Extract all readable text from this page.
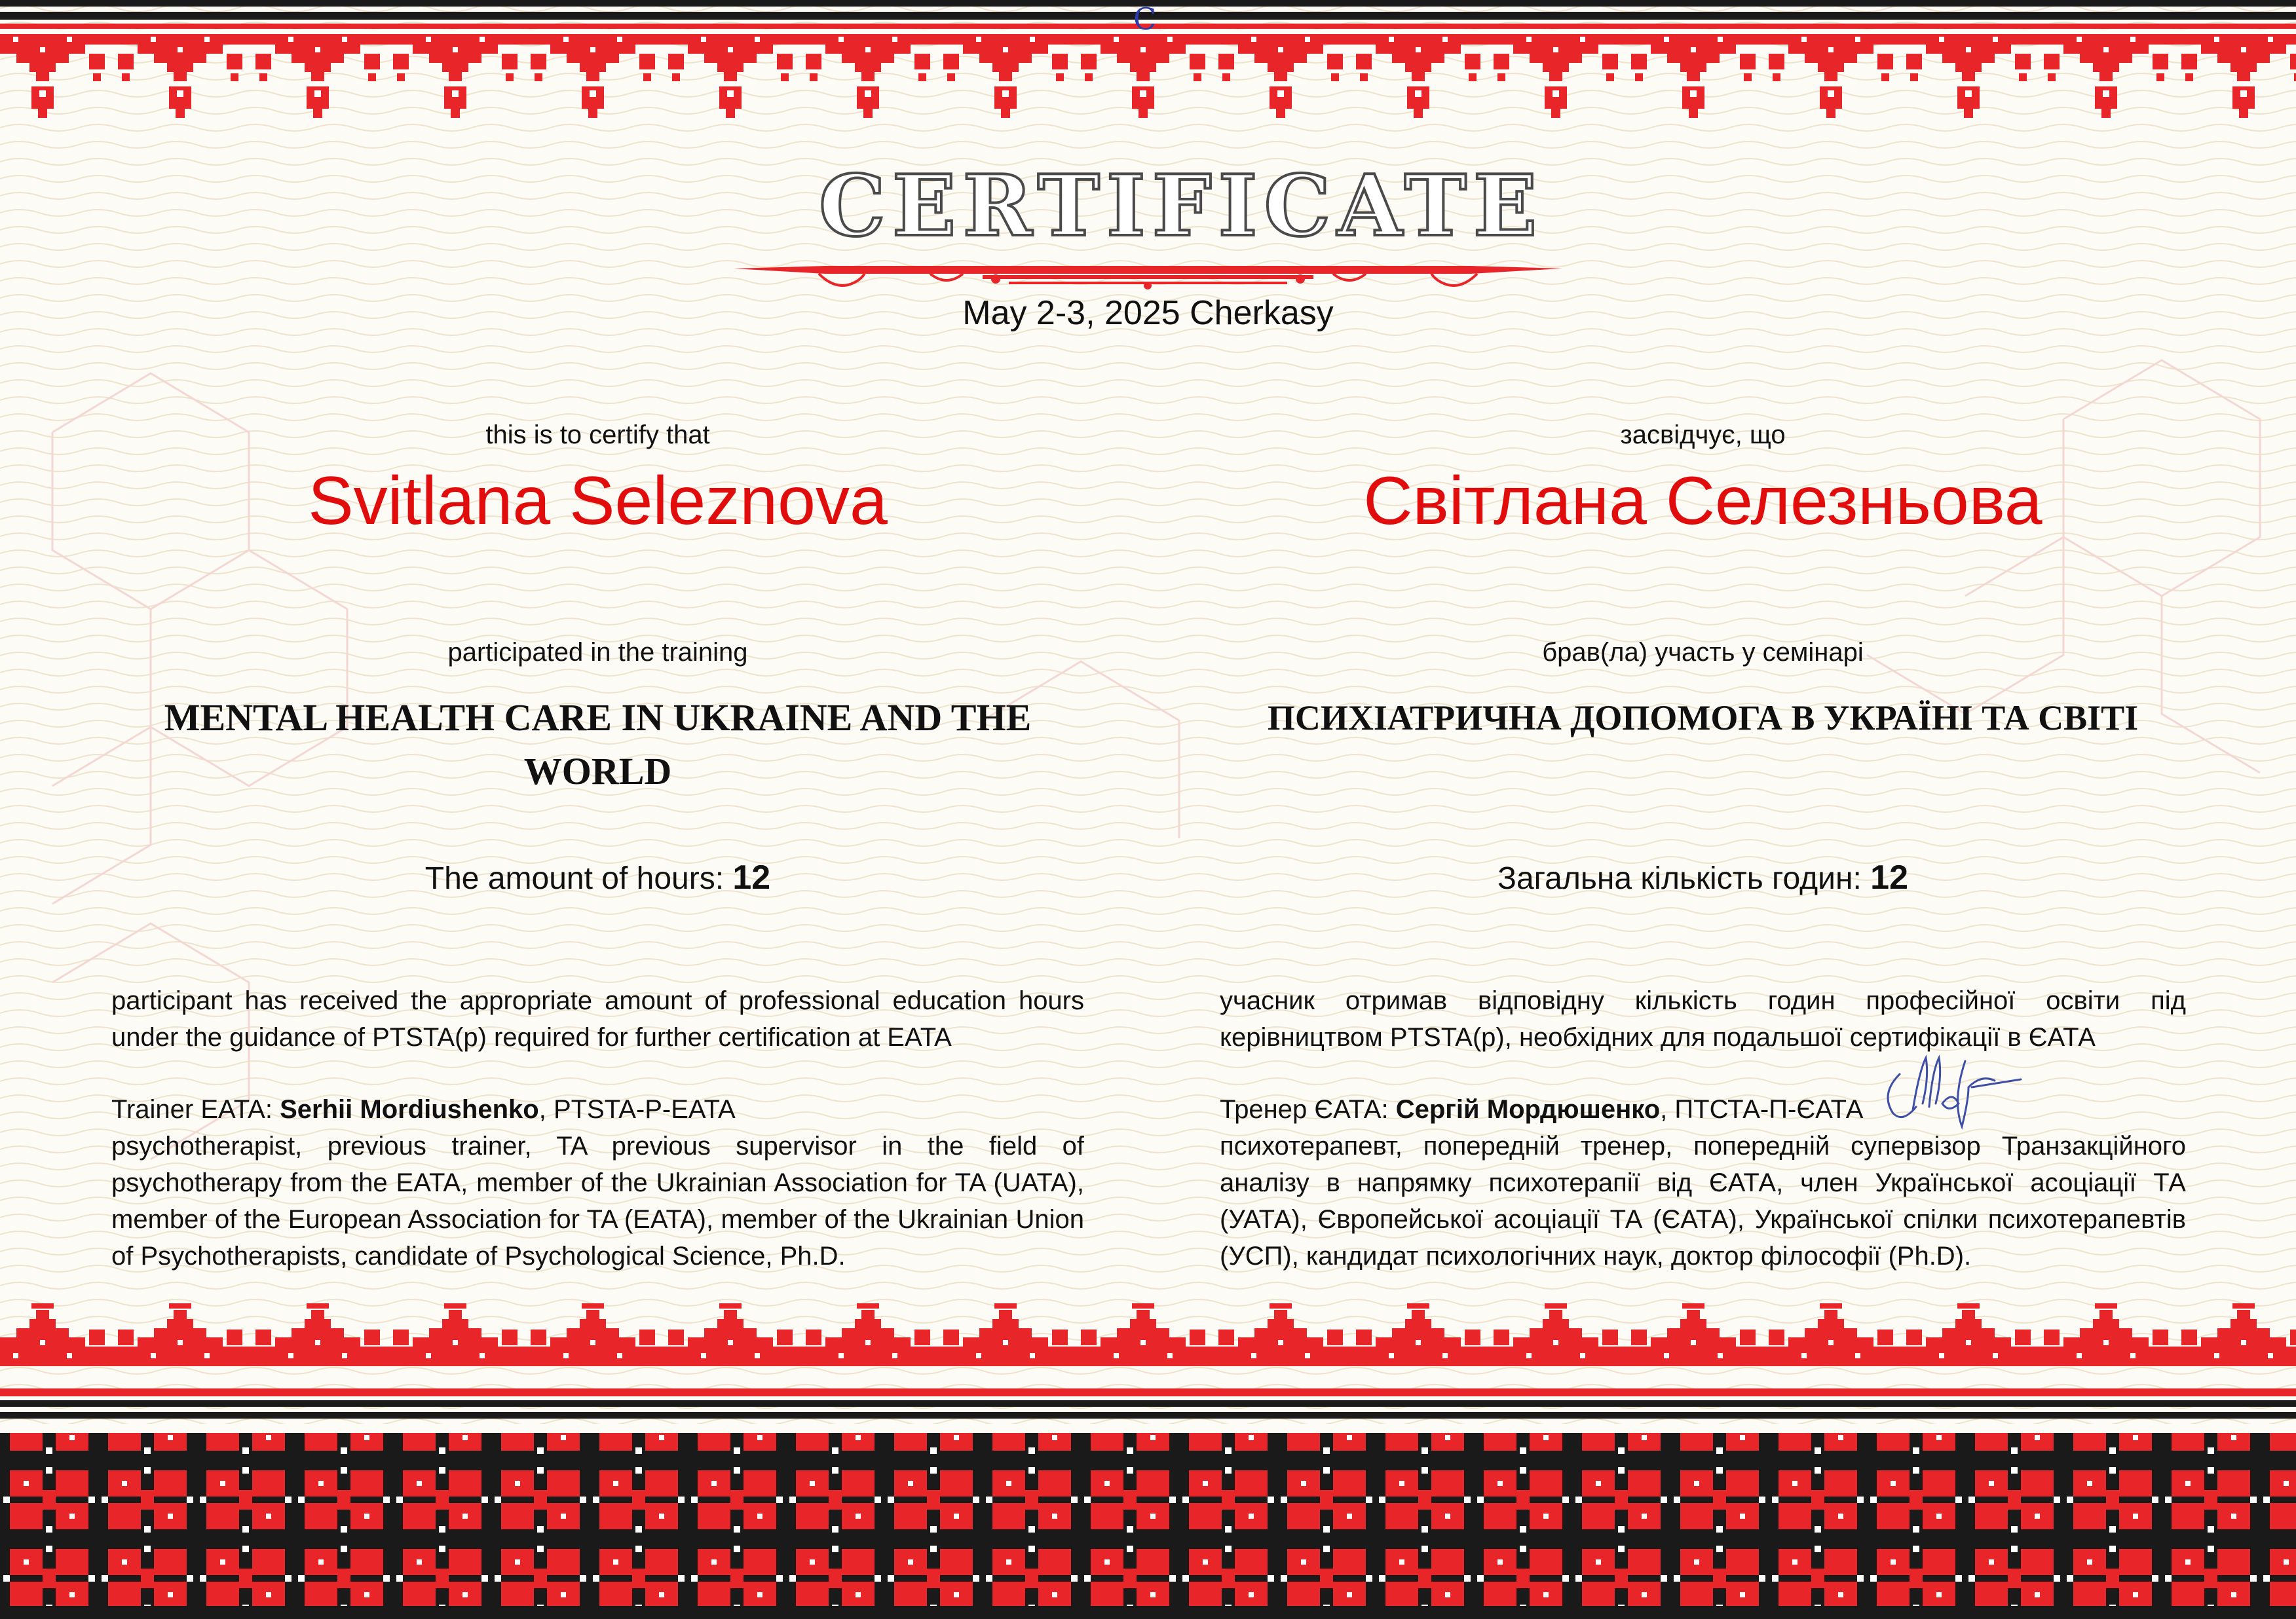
C
CERTIFICATE
May 2-3, 2025 Cherkasy
this is to certify that
Svitlana Seleznova
participated in the training
MENTAL HEALTH CARE IN UKRAINE AND THE WORLD
The amount of hours: 12
participant has received the appropriate amount of professional education hours under the guidance of PTSTA(p) required for further certification at EATA
Trainer EATA: Serhii Mordiushenko, PTSTA-P-EATA
psychotherapist, previous trainer, TA previous supervisor in the field of psychotherapy from the EATA, member of the Ukrainian Association for TA (UATA), member of the European Association for TA (EATA), member of the Ukrainian Union of Psychotherapists, candidate of Psychological Science, Ph.D.
засвідчує, що
Світлана Селезньова
брав(ла) участь у семінарі
ПСИХІАТРИЧНА ДОПОМОГА В УКРАЇНІ ТА СВІТІ
Загальна кількість годин: 12
учасник отримав відповідну кількість годин професійної освіти під керівництвом PTSTA(p), необхідних для подальшої сертифікації в ЄАТА
Тренер ЄАТА: Сергій Мордюшенко, ПТСТА-П-ЄАТА
психотерапевт, попередній тренер, попередній супервізор Транзакційного аналізу в напрямку психотерапії від ЄАТА, член Української асоціації ТА (УАТА), Європейської асоціації ТА (ЄАТА), Української спілки психотерапевтів (УСП), кандидат психологічних наук, доктор філософії (Ph.D).
